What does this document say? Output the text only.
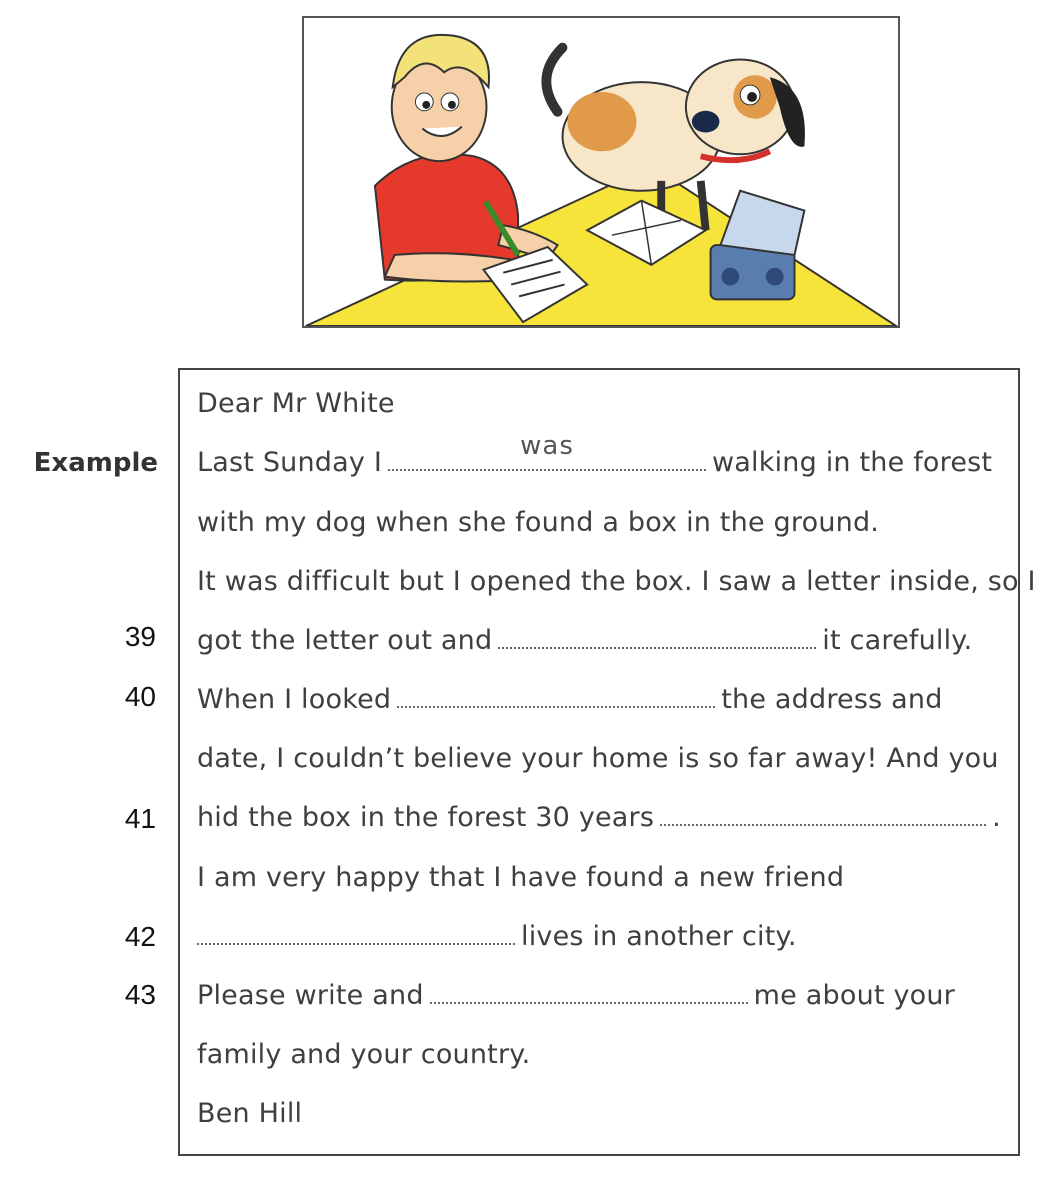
Example
39
40
41
42
43
Dear Mr White
Last Sunday I
was
walking in the forest
with my dog when she found a box in the ground.
It was difficult but I opened the box. I saw a letter inside, so I
got the letter out and	it carefully.
When I looked	the address and
date, I couldn’t believe your home is so far away! And you
hid the box in the forest 30 years	.
I am very happy that I have found a new friend
lives in another city.
Please write and	me about your
family and your country.
Ben Hill
